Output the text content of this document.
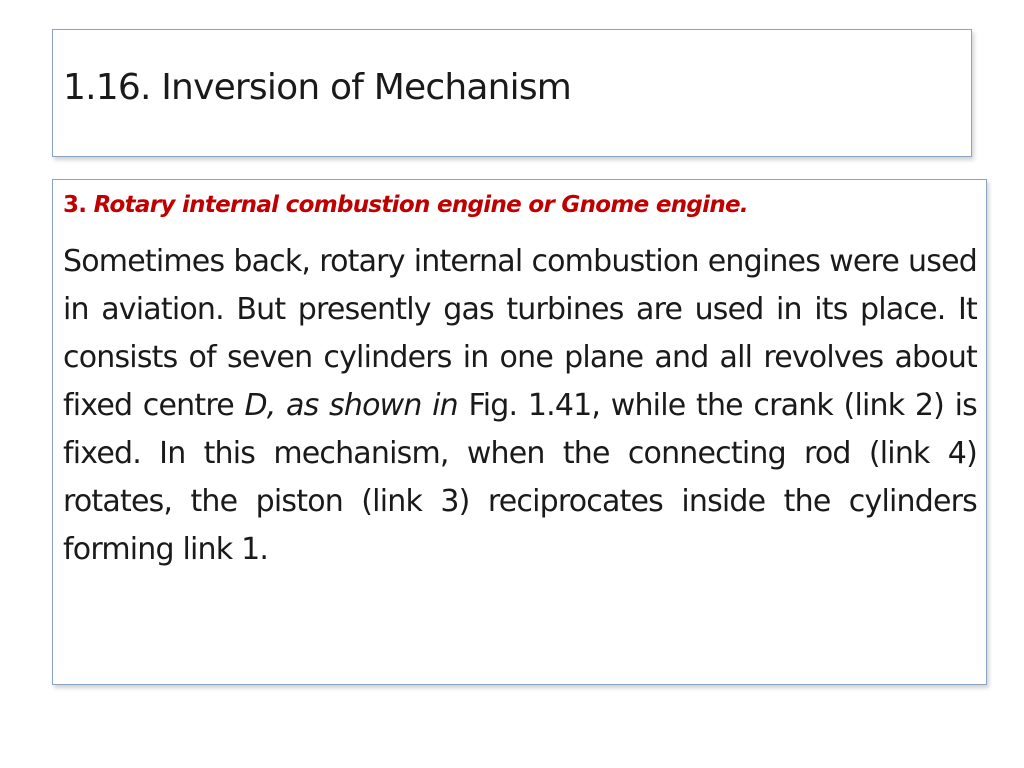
1.16. Inversion of Mechanism

3. Rotary internal combustion engine or Gnome engine.

Sometimes back, rotary internal combustion engines were used in aviation. But presently gas turbines are used in its place. It consists of seven cylinders in one plane and all revolves about fixed centre D, as shown in Fig. 1.41, while the crank (link 2) is fixed. In this mechanism, when the connecting rod (link 4) rotates, the piston (link 3) reciprocates inside the cylinders forming link 1.
